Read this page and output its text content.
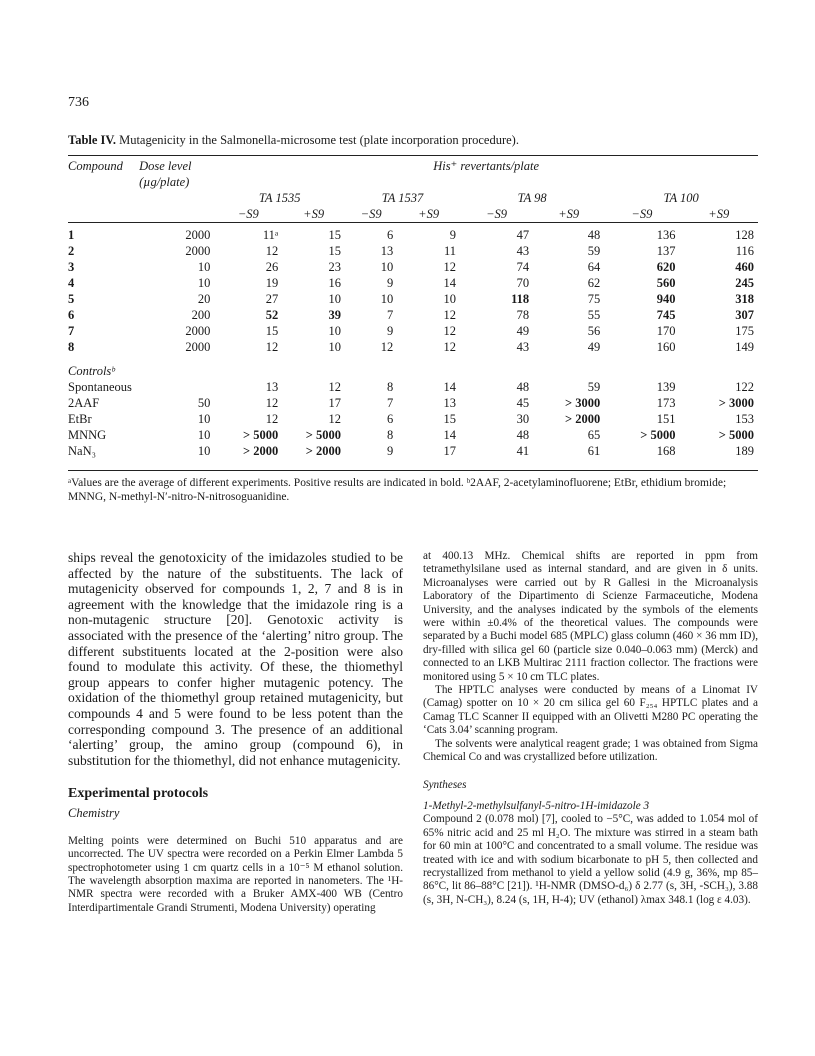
736
Table IV. Mutagenicity in the Salmonella-microsome test (plate incorporation procedure).
Compound	Dose level	His⁺ revertants/plate							
	(µg/plate)								
		TA 1535		TA 1537		TA 98		TA 100	
		−S9	+S9	−S9	+S9	−S9	+S9	−S9	+S9

1	2000	11ᵃ	15	6	9	47	48	136	128
2	2000	12	15	13	11	43	59	137	116
3	10	26	23	10	12	74	64	620	460
4	10	19	16	9	14	70	62	560	245
5	20	27	10	10	10	118	75	940	318
6	200	52	39	7	12	78	55	745	307
7	2000	15	10	9	12	49	56	170	175
8	2000	12	10	12	12	43	49	160	149

Controlsᵇ									
Spontaneous		13	12	8	14	48	59	139	122
2AAF	50	12	17	7	13	45	> 3000	173	> 3000
EtBr	10	12	12	6	15	30	> 2000	151	153
MNNG	10	> 5000	> 5000	8	14	48	65	> 5000	> 5000
NaN₃	10	> 2000	> 2000	9	17	41	61	168	189
ᵃValues are the average of different experiments. Positive results are indicated in bold. ᵇ2AAF, 2-acetylaminofluorene; EtBr, ethidium bromide; MNNG, N-methyl-N′-nitro-N-nitrosoguanidine.

ships reveal the genotoxicity of the imidazoles studied to be affected by the nature of the substituents. The lack of mutagenicity observed for compounds 1, 2, 7 and 8 is in agreement with the knowledge that the imidazole ring is a non-mutagenic structure [20]. Genotoxic activity is associated with the presence of the ‘alerting’ nitro group. The different substituents located at the 2-position were also found to modulate this activity. Of these, the thiomethyl group appears to confer higher mutagenic potency. The oxidation of the thiomethyl group retained mutagenicity, but compounds 4 and 5 were found to be less potent than the corresponding compound 3. The presence of an additional ‘alerting’ group, the amino group (compound 6), in substitution for the thiomethyl, did not enhance mutagenicity.

Experimental protocols
Chemistry

Melting points were determined on Buchi 510 apparatus and are uncorrected. The UV spectra were recorded on a Perkin Elmer Lambda 5 spectrophotometer using 1 cm quartz cells in a 10⁻⁵ M ethanol solution. The wavelength absorption maxima are reported in nanometers. The ¹H-NMR spectra were recorded with a Bruker AMX-400 WB (Centro Interdipartimentale Grandi Strumenti, Modena University) operating

at 400.13 MHz. Chemical shifts are reported in ppm from tetramethylsilane used as internal standard, and are given in δ units. Microanalyses were carried out by R Gallesi in the Microanalysis Laboratory of the Dipartimento di Scienze Farmaceutiche, Modena University, and the analyses indicated by the symbols of the elements were within ±0.4% of the theoretical values. The compounds were separated by a Buchi model 685 (MPLC) glass column (460 × 36 mm ID), dry-filled with silica gel 60 (particle size 0.040–0.063 mm) (Merck) and connected to an LKB Multirac 2111 fraction collector. The fractions were monitored using 5 × 10 cm TLC plates.

The HPTLC analyses were conducted by means of a Linomat IV (Camag) spotter on 10 × 20 cm silica gel 60 F₂₅₄ HPTLC plates and a Camag TLC Scanner II equipped with an Olivetti M280 PC operating the ‘Cats 3.04’ scanning program.

The solvents were analytical reagent grade; 1 was obtained from Sigma Chemical Co and was crystallized before utilization.

Syntheses
1-Methyl-2-methylsulfanyl-5-nitro-1H-imidazole 3

Compound 2 (0.078 mol) [7], cooled to −5°C, was added to 1.054 mol of 65% nitric acid and 25 ml H₂O. The mixture was stirred in a steam bath for 60 min at 100°C and concentrated to a small volume. The residue was treated with ice and with sodium bicarbonate to pH 5, then collected and recrystallized from methanol to yield a yellow solid (4.9 g, 36%, mp 85–86°C, lit 86–88°C [21]). ¹H-NMR (DMSO-d₆) δ 2.77 (s, 3H, -SCH₃), 3.88 (s, 3H, N-CH₃), 8.24 (s, 1H, H-4); UV (ethanol) λmax 348.1 (log ε 4.03).
